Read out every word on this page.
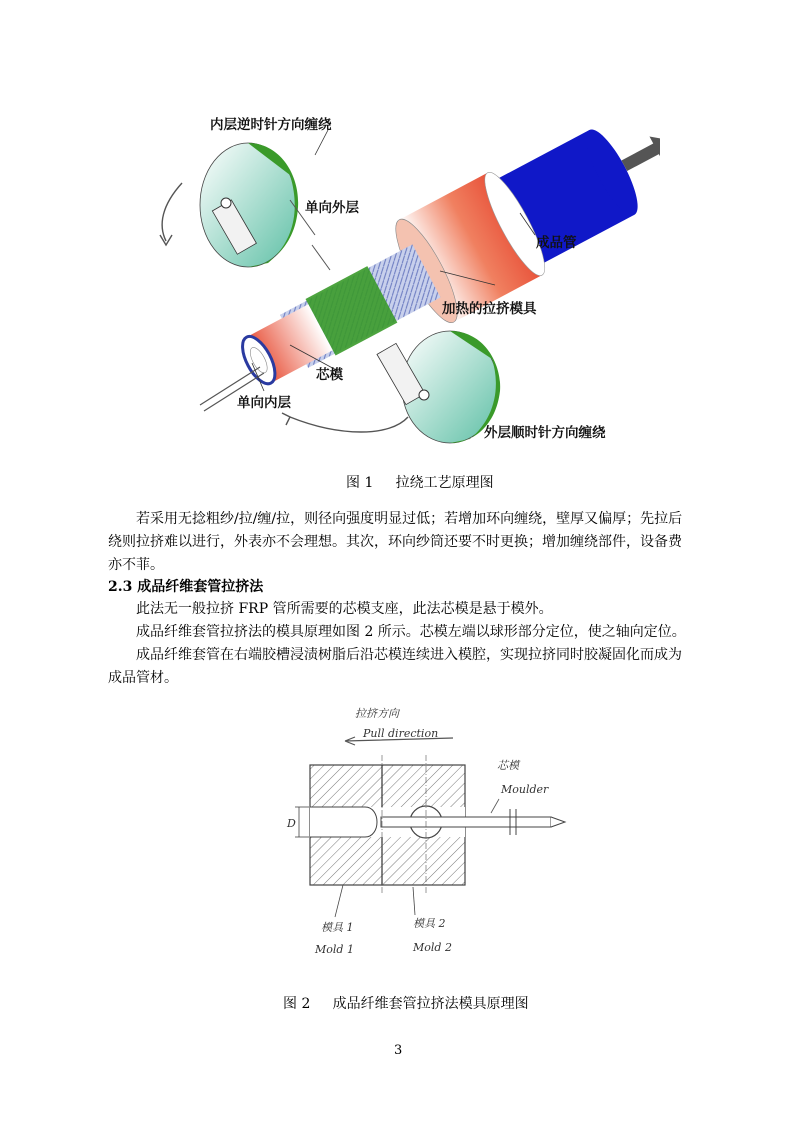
内层逆时针方向缠绕
单向外层
成品管
加热的拉挤模具
芯模
单向内层
外层顺时针方向缠绕
图 1 拉绕工艺原理图

若采用无捻粗纱/拉/缠/拉，则径向强度明显过低；若增加环向缠绕，壁厚又偏厚；先拉后绕则拉挤难以进行，外表亦不会理想。其次，环向纱筒还要不时更换；增加缠绕部件，设备费亦不菲。

2.3 成品纤维套管拉挤法

此法无一般拉挤 FRP 管所需要的芯模支座，此法芯模是悬于模外。

成品纤维套管拉挤法的模具原理如图 2 所示。芯模左端以球形部分定位，使之轴向定位。

成品纤维套管在右端胶槽浸渍树脂后沿芯模连续进入模腔，实现拉挤同时胶凝固化而成为成品管材。

拉挤方向
Pull direction
芯模
Moulder
D
模具 1
Mold 1
模具 2
Mold 2
图 2 成品纤维套管拉挤法模具原理图
3
